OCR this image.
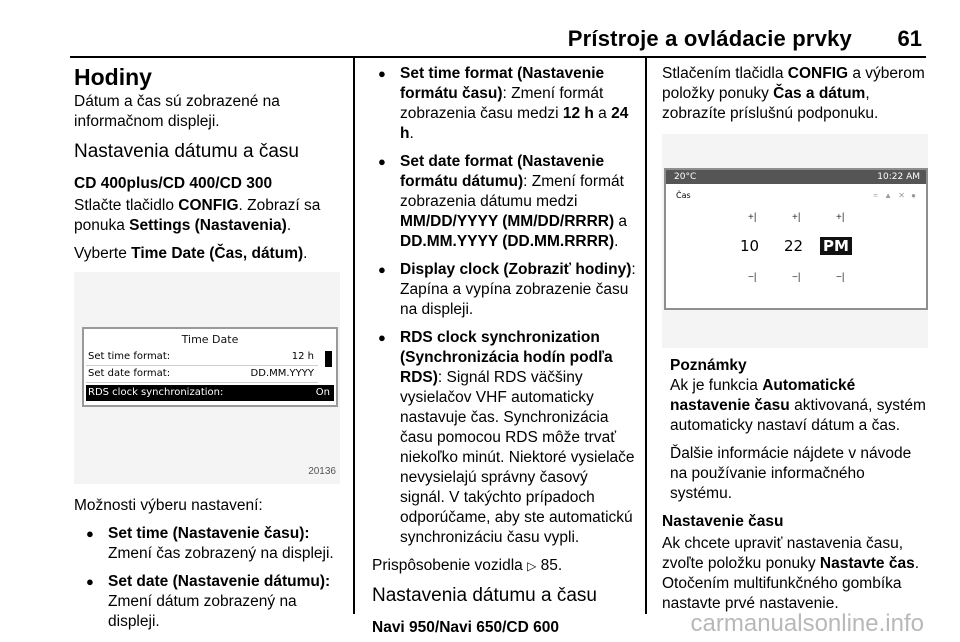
Prístroje a ovládacie prvky 61
Hodiny

Dátum a čas sú zobrazené na informačnom displeji.

Nastavenia dátumu a času
CD 400plus/CD 400/CD 300

Stlačte tlačidlo CONFIG. Zobrazí sa ponuka Settings (Nastavenia).

Vyberte Time Date (Čas, dátum).

Time Date
Set time format:	12 h
Set date format:	DD.MM.YYYY
RDS clock synchronization:	On
20136

Možnosti výberu nastavení:

● Set time (Nastavenie času):
Zmení čas zobrazený na displeji.
● Set date (Nastavenie dátumu):
Zmení dátum zobrazený na displeji.
● Set time format (Nastavenie formátu času): Zmení formát zobrazenia času medzi 12 h a 24 h.
● Set date format (Nastavenie formátu dátumu): Zmení formát zobrazenia dátumu medzi MM/DD/YYYY (MM/DD/RRRR) a DD.MM.YYYY (DD.MM.RRRR).
● Display clock (Zobraziť hodiny): Zapína a vypína zobrazenie času na displeji.
● RDS clock synchronization (Synchronizácia hodín podľa RDS): Signál RDS väčšiny vysielačov VHF automaticky nastavuje čas. Synchronizácia času pomocou RDS môže trvať niekoľko minút. Niektoré vysielače nevysielajú správny časový signál. V takýchto prípadoch odporúčame, aby ste automatickú synchronizáciu času vypli.

Prispôsobenie vozidla ▷ 85.

Nastavenia dátumu a času
Navi 950/Navi 650/CD 600

Stlačením tlačidla CONFIG a výberom položky ponuky Čas a dátum, zobrazíte príslušnú podponuku.

20°C	10:22 AM
Čas	≈ ▲ ✕ ●
+|	+|	+|
10 22 PM
−|	−|	−|
Poznámky

Ak je funkcia Automatické nastavenie času aktivovaná, systém automaticky nastaví dátum a čas.

Ďalšie informácie nájdete v návode na používanie informačného systému.

Nastavenie času

Ak chcete upraviť nastavenia času, zvoľte položku ponuky Nastavte čas.

Otočením multifunkčného gombíka nastavte prvé nastavenie.

carmanualsonline.info
